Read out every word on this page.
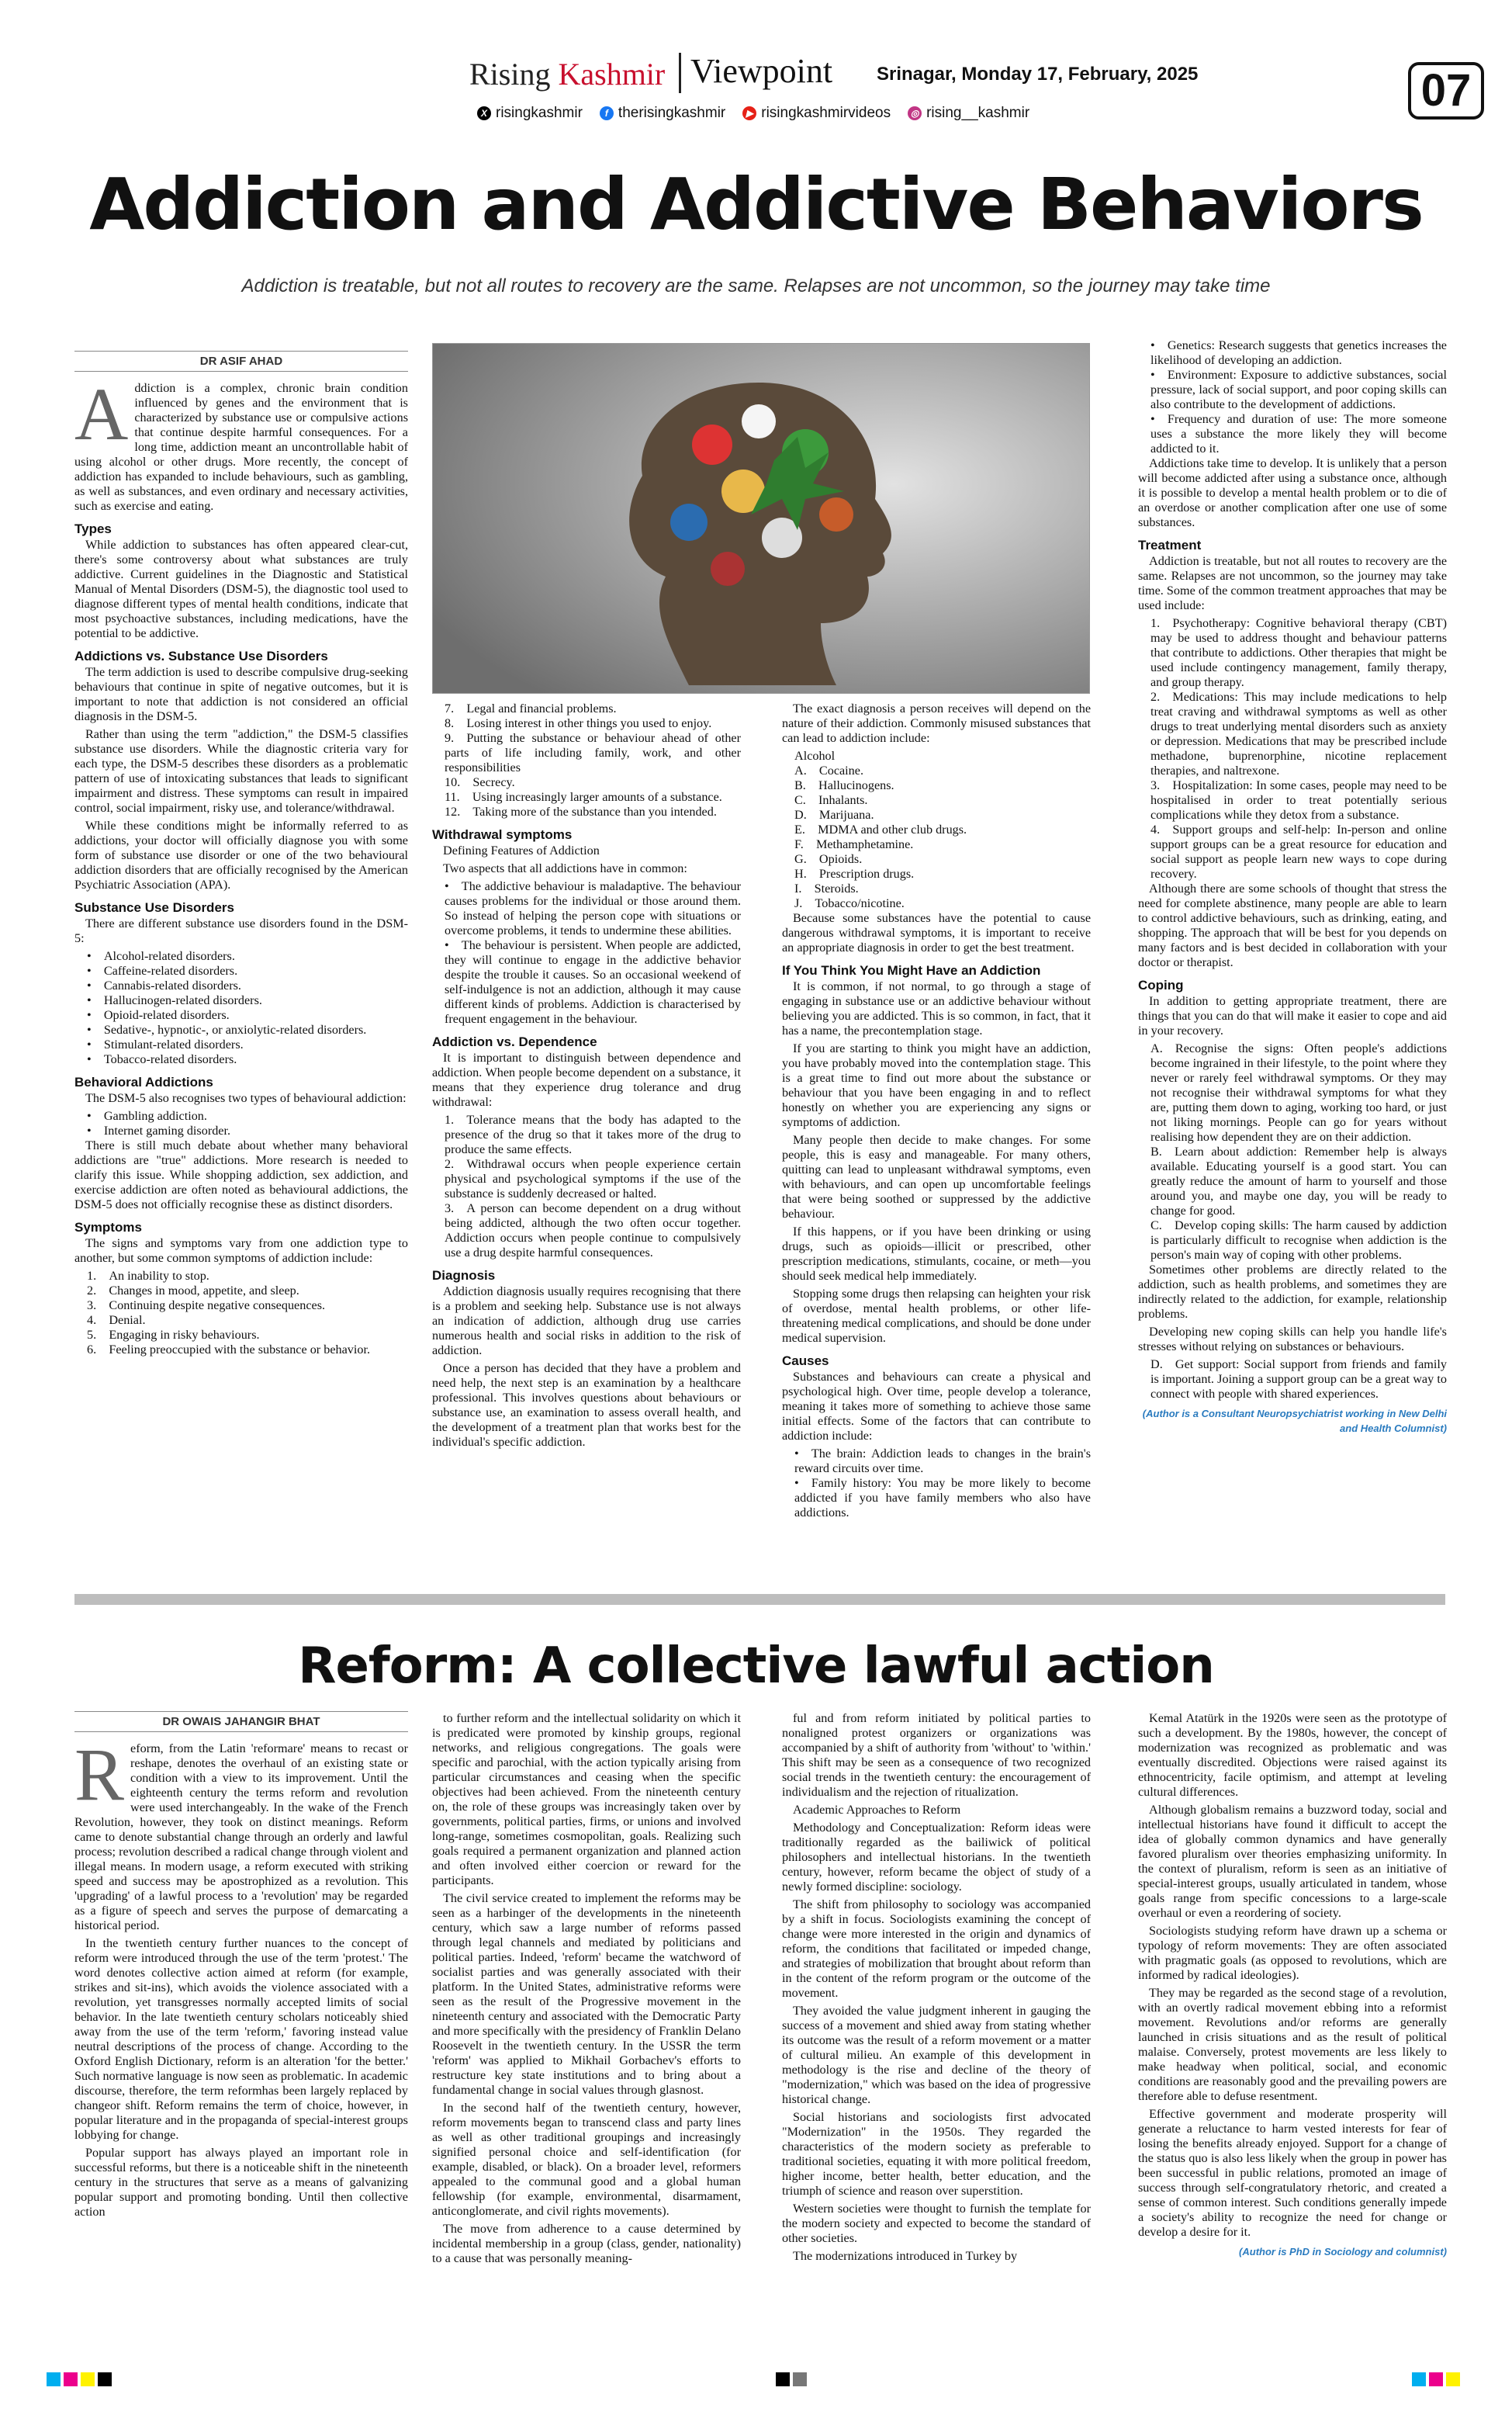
Rising Kashmir Viewpoint Srinagar, Monday 17, February, 2025	07
X risingkashmir	f therisingkashmir	▶ risingkashmirvideos	◎ rising__kashmir
Addiction and Addictive Behaviors
Addiction is treatable, but not all routes to recovery are the same. Relapses are not uncommon, so the journey may take time
DR ASIF AHAD

Addiction is a complex, chronic brain condition influenced by genes and the environment that is characterized by substance use or compulsive actions that continue despite harmful consequences. For a long time, addiction meant an uncontrollable habit of using alcohol or other drugs. More recently, the concept of addiction has expanded to include behaviours, such as gambling, as well as substances, and even ordinary and necessary activities, such as exercise and eating.

Types

While addiction to substances has often appeared clear-cut, there's some controversy about what substances are truly addictive. Current guidelines in the Diagnostic and Statistical Manual of Mental Disorders (DSM-5), the diagnostic tool used to diagnose different types of mental health conditions, indicate that most psychoactive substances, including medications, have the potential to be addictive.

Addictions vs. Substance Use Disorders

The term addiction is used to describe compulsive drug-seeking behaviours that continue in spite of negative outcomes, but it is important to note that addiction is not considered an official diagnosis in the DSM-5.

Rather than using the term "addiction," the DSM-5 classifies substance use disorders. While the diagnostic criteria vary for each type, the DSM-5 describes these disorders as a problematic pattern of use of intoxicating substances that leads to significant impairment and distress. These symptoms can result in impaired control, social impairment, risky use, and tolerance/withdrawal.

While these conditions might be informally referred to as addictions, your doctor will officially diagnose you with some form of substance use disorder or one of the two behavioural addiction disorders that are officially recognised by the American Psychiatric Association (APA).

Substance Use Disorders

There are different substance use disorders found in the DSM-5:

• Alcohol-related disorders.
• Caffeine-related disorders.
• Cannabis-related disorders.
• Hallucinogen-related disorders.
• Opioid-related disorders.
• Sedative-, hypnotic-, or anxiolytic-related disorders.
• Stimulant-related disorders.
• Tobacco-related disorders.
Behavioral Addictions

The DSM-5 also recognises two types of behavioural addiction:

• Gambling addiction.
• Internet gaming disorder.

There is still much debate about whether many behavioral addictions are "true" addictions. More research is needed to clarify this issue. While shopping addiction, sex addiction, and exercise addiction are often noted as behavioural addictions, the DSM-5 does not officially recognise these as distinct disorders.

Symptoms

The signs and symptoms vary from one addiction type to another, but some common symptoms of addiction include:

1. An inability to stop.
2. Changes in mood, appetite, and sleep.
3. Continuing despite negative consequences.
4. Denial.
5. Engaging in risky behaviours.
6. Feeling preoccupied with the substance or behavior.
7. Legal and financial problems.
8. Losing interest in other things you used to enjoy.
9. Putting the substance or behaviour ahead of other parts of life including family, work, and other responsibilities
10. Secrecy.
11. Using increasingly larger amounts of a substance.
12. Taking more of the substance than you intended.
Withdrawal symptoms

Defining Features of Addiction

Two aspects that all addictions have in common:

• The addictive behaviour is maladaptive. The behaviour causes problems for the individual or those around them. So instead of helping the person cope with situations or overcome problems, it tends to undermine these abilities.
• The behaviour is persistent. When people are addicted, they will continue to engage in the addictive behavior despite the trouble it causes. So an occasional weekend of self-indulgence is not an addiction, although it may cause different kinds of problems. Addiction is characterised by frequent engagement in the behaviour.
Addiction vs. Dependence

It is important to distinguish between dependence and addiction. When people become dependent on a substance, it means that they experience drug tolerance and drug withdrawal:

1. Tolerance means that the body has adapted to the presence of the drug so that it takes more of the drug to produce the same effects.
2. Withdrawal occurs when people experience certain physical and psychological symptoms if the use of the substance is suddenly decreased or halted.
3. A person can become dependent on a drug without being addicted, although the two often occur together. Addiction occurs when people continue to compulsively use a drug despite harmful consequences.
Diagnosis

Addiction diagnosis usually requires recognising that there is a problem and seeking help. Substance use is not always an indication of addiction, although drug use carries numerous health and social risks in addition to the risk of addiction.

Once a person has decided that they have a problem and need help, the next step is an examination by a healthcare professional. This involves questions about behaviours or substance use, an examination to assess overall health, and the development of a treatment plan that works best for the individual's specific addiction.

The exact diagnosis a person receives will depend on the nature of their addiction. Commonly misused substances that can lead to addiction include:

Alcohol
A. Cocaine.
B. Hallucinogens.
C. Inhalants.
D. Marijuana.
E. MDMA and other club drugs.
F. Methamphetamine.
G. Opioids.
H. Prescription drugs.
I. Steroids.
J. Tobacco/nicotine.

Because some substances have the potential to cause dangerous withdrawal symptoms, it is important to receive an appropriate diagnosis in order to get the best treatment.

If You Think You Might Have an Addiction

It is common, if not normal, to go through a stage of engaging in substance use or an addictive behaviour without believing you are addicted. This is so common, in fact, that it has a name, the precontemplation stage.

If you are starting to think you might have an addiction, you have probably moved into the contemplation stage. This is a great time to find out more about the substance or behaviour that you have been engaging in and to reflect honestly on whether you are experiencing any signs or symptoms of addiction.

Many people then decide to make changes. For some people, this is easy and manageable. For many others, quitting can lead to unpleasant withdrawal symptoms, even with behaviours, and can open up uncomfortable feelings that were being soothed or suppressed by the addictive behaviour.

If this happens, or if you have been drinking or using drugs, such as opioids—illicit or prescribed, other prescription medications, stimulants, cocaine, or meth—you should seek medical help immediately.

Stopping some drugs then relapsing can heighten your risk of overdose, mental health problems, or other life-threatening medical complications, and should be done under medical supervision.

Causes

Substances and behaviours can create a physical and psychological high. Over time, people develop a tolerance, meaning it takes more of something to achieve those same initial effects. Some of the factors that can contribute to addiction include:

• The brain: Addiction leads to changes in the brain's reward circuits over time.
• Family history: You may be more likely to become addicted if you have family members who also have addictions.
• Genetics: Research suggests that genetics increases the likelihood of developing an addiction.
• Environment: Exposure to addictive substances, social pressure, lack of social support, and poor coping skills can also contribute to the development of addictions.
• Frequency and duration of use: The more someone uses a substance the more likely they will become addicted to it.

Addictions take time to develop. It is unlikely that a person will become addicted after using a substance once, although it is possible to develop a mental health problem or to die of an overdose or another complication after one use of some substances.

Treatment

Addiction is treatable, but not all routes to recovery are the same. Relapses are not uncommon, so the journey may take time. Some of the common treatment approaches that may be used include:

1. Psychotherapy: Cognitive behavioral therapy (CBT) may be used to address thought and behaviour patterns that contribute to addictions. Other therapies that might be used include contingency management, family therapy, and group therapy.
2. Medications: This may include medications to help treat craving and withdrawal symptoms as well as other drugs to treat underlying mental disorders such as anxiety or depression. Medications that may be prescribed include methadone, buprenorphine, nicotine replacement therapies, and naltrexone.
3. Hospitalization: In some cases, people may need to be hospitalised in order to treat potentially serious complications while they detox from a substance.
4. Support groups and self-help: In-person and online support groups can be a great resource for education and social support as people learn new ways to cope during recovery.

Although there are some schools of thought that stress the need for complete abstinence, many people are able to learn to control addictive behaviours, such as drinking, eating, and shopping. The approach that will be best for you depends on many factors and is best decided in collaboration with your doctor or therapist.

Coping

In addition to getting appropriate treatment, there are things that you can do that will make it easier to cope and aid in your recovery.

A. Recognise the signs: Often people's addictions become ingrained in their lifestyle, to the point where they never or rarely feel withdrawal symptoms. Or they may not recognise their withdrawal symptoms for what they are, putting them down to aging, working too hard, or just not liking mornings. People can go for years without realising how dependent they are on their addiction.
B. Learn about addiction: Remember help is always available. Educating yourself is a good start. You can greatly reduce the amount of harm to yourself and those around you, and maybe one day, you will be ready to change for good.
C. Develop coping skills: The harm caused by addiction is particularly difficult to recognise when addiction is the person's main way of coping with other problems.

Sometimes other problems are directly related to the addiction, such as health problems, and sometimes they are indirectly related to the addiction, for example, relationship problems.

Developing new coping skills can help you handle life's stresses without relying on substances or behaviours.

D. Get support: Social support from friends and family is important. Joining a support group can be a great way to connect with people with shared experiences.
(Author is a Consultant Neuropsychiatrist working in New Delhi and Health Columnist)
Reform: A collective lawful action
DR OWAIS JAHANGIR BHAT

Reform, from the Latin 'reformare' means to recast or reshape, denotes the overhaul of an existing state or condition with a view to its improvement. Until the eighteenth century the terms reform and revolution were used interchangeably. In the wake of the French Revolution, however, they took on distinct meanings. Reform came to denote substantial change through an orderly and lawful process; revolution described a radical change through violent and illegal means. In modern usage, a reform executed with striking speed and success may be apostrophized as a revolution. This 'upgrading' of a lawful process to a 'revolution' may be regarded as a figure of speech and serves the purpose of demarcating a historical period.

In the twentieth century further nuances to the concept of reform were introduced through the use of the term 'protest.' The word denotes collective action aimed at reform (for example, strikes and sit-ins), which avoids the violence associated with a revolution, yet transgresses normally accepted limits of social behavior. In the late twentieth century scholars noticeably shied away from the use of the term 'reform,' favoring instead value neutral descriptions of the process of change. According to the Oxford English Dictionary, reform is an alteration 'for the better.' Such normative language is now seen as problematic. In academic discourse, therefore, the term reformhas been largely replaced by changeor shift. Reform remains the term of choice, however, in popular literature and in the propaganda of special-interest groups lobbying for change.

Popular support has always played an important role in successful reforms, but there is a noticeable shift in the nineteenth century in the structures that serve as a means of galvanizing popular support and promoting bonding. Until then collective action

to further reform and the intellectual solidarity on which it is predicated were promoted by kinship groups, regional networks, and religious congregations. The goals were specific and parochial, with the action typically arising from particular circumstances and ceasing when the specific objectives had been achieved. From the nineteenth century on, the role of these groups was increasingly taken over by governments, political parties, firms, or unions and involved long-range, sometimes cosmopolitan, goals. Realizing such goals required a permanent organization and planned action and often involved either coercion or reward for the participants.

The civil service created to implement the reforms may be seen as a harbinger of the developments in the nineteenth century, which saw a large number of reforms passed through legal channels and mediated by politicians and political parties. Indeed, 'reform' became the watchword of socialist parties and was generally associated with their platform. In the United States, administrative reforms were seen as the result of the Progressive movement in the nineteenth century and associated with the Democratic Party and more specifically with the presidency of Franklin Delano Roosevelt in the twentieth century. In the USSR the term 'reform' was applied to Mikhail Gorbachev's efforts to restructure key state institutions and to bring about a fundamental change in social values through glasnost.

In the second half of the twentieth century, however, reform movements began to transcend class and party lines as well as other traditional groupings and increasingly signified personal choice and self-identification (for example, disabled, or black). On a broader level, reformers appealed to the communal good and a global human fellowship (for example, environmental, disarmament, anticonglomerate, and civil rights movements).

The move from adherence to a cause determined by incidental membership in a group (class, gender, nationality) to a cause that was personally meaning-

ful and from reform initiated by political parties to nonaligned protest organizers or organizations was accompanied by a shift of authority from 'without' to 'within.' This shift may be seen as a consequence of two recognized social trends in the twentieth century: the encouragement of individualism and the rejection of ritualization.

Academic Approaches to Reform

Methodology and Conceptualization: Reform ideas were traditionally regarded as the bailiwick of political philosophers and intellectual historians. In the twentieth century, however, reform became the object of study of a newly formed discipline: sociology.

The shift from philosophy to sociology was accompanied by a shift in focus. Sociologists examining the concept of change were more interested in the origin and dynamics of reform, the conditions that facilitated or impeded change, and strategies of mobilization that brought about reform than in the content of the reform program or the outcome of the movement.

They avoided the value judgment inherent in gauging the success of a movement and shied away from stating whether its outcome was the result of a reform movement or a matter of cultural milieu. An example of this development in methodology is the rise and decline of the theory of "modernization," which was based on the idea of progressive historical change.

Social historians and sociologists first advocated "Modernization" in the 1950s. They regarded the characteristics of the modern society as preferable to traditional societies, equating it with more political freedom, higher income, better health, better education, and the triumph of science and reason over superstition.

Western societies were thought to furnish the template for the modern society and expected to become the standard of other societies.

The modernizations introduced in Turkey by

Kemal Atatürk in the 1920s were seen as the prototype of such a development. By the 1980s, however, the concept of modernization was recognized as problematic and was eventually discredited. Objections were raised against its ethnocentricity, facile optimism, and attempt at leveling cultural differences.

Although globalism remains a buzzword today, social and intellectual historians have found it difficult to accept the idea of globally common dynamics and have generally favored pluralism over theories emphasizing uniformity. In the context of pluralism, reform is seen as an initiative of special-interest groups, usually articulated in tandem, whose goals range from specific concessions to a large-scale overhaul or even a reordering of society.

Sociologists studying reform have drawn up a schema or typology of reform movements: They are often associated with pragmatic goals (as opposed to revolutions, which are informed by radical ideologies).

They may be regarded as the second stage of a revolution, with an overtly radical movement ebbing into a reformist movement. Revolutions and/or reforms are generally launched in crisis situations and as the result of political malaise. Conversely, protest movements are less likely to make headway when political, social, and economic conditions are reasonably good and the prevailing powers are therefore able to defuse resentment.

Effective government and moderate prosperity will generate a reluctance to harm vested interests for fear of losing the benefits already enjoyed. Support for a change of the status quo is also less likely when the group in power has been successful in public relations, promoted an image of success through self-congratulatory rhetoric, and created a sense of common interest. Such conditions generally impede a society's ability to recognize the need for change or develop a desire for it.

(Author is PhD in Sociology and columnist)
